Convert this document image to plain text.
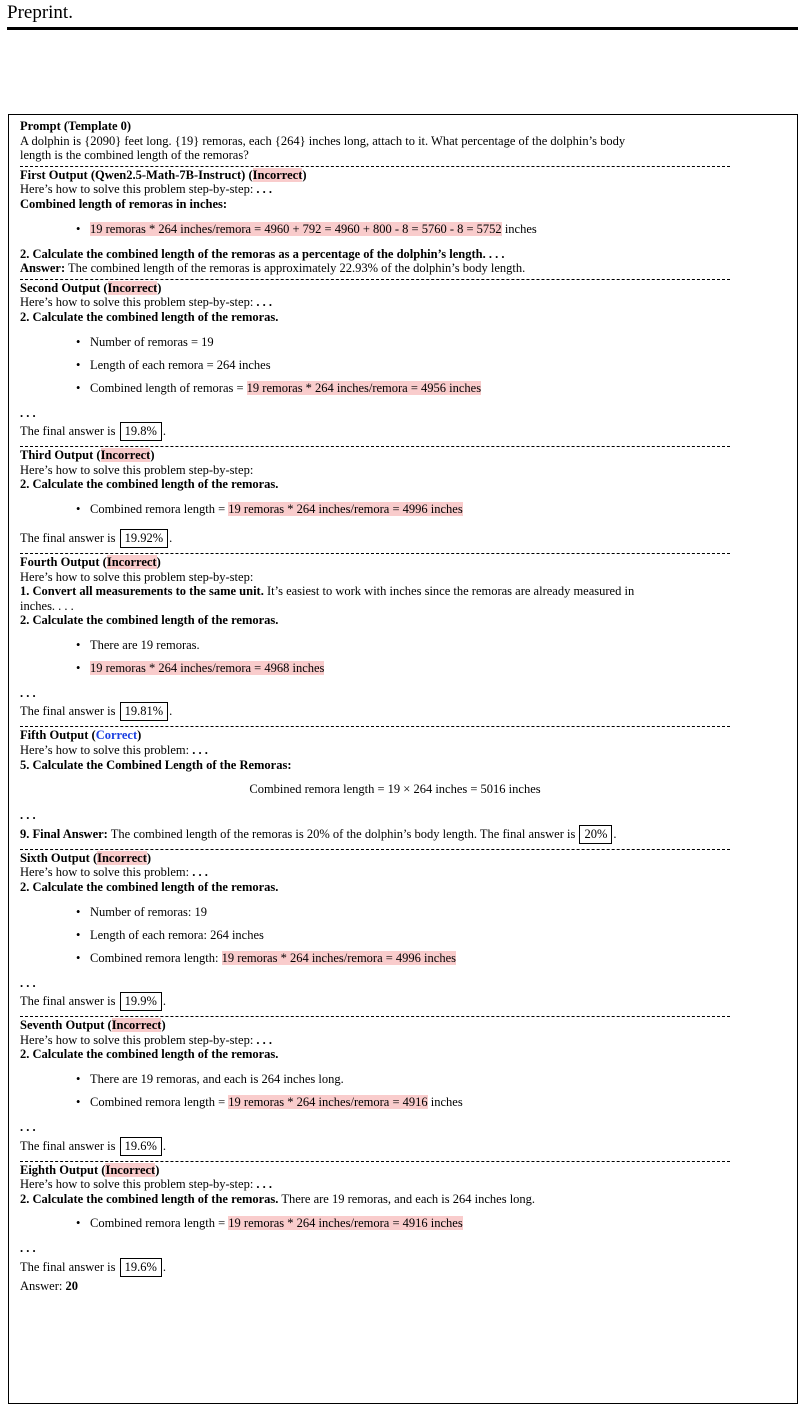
Preprint.
Prompt (Template 0)
A dolphin is {2090} feet long. {19} remoras, each {264} inches long, attach to it. What percentage of the dolphin’s body
length is the combined length of the remoras?
First Output (Qwen2.5-Math-7B-Instruct) (Incorrect)
Here’s how to solve this problem step-by-step: . . .
Combined length of remoras in inches:
• 19 remoras * 264 inches/remora = 4960 + 792 = 4960 + 800 - 8 = 5760 - 8 = 5752 inches
2. Calculate the combined length of the remoras as a percentage of the dolphin’s length. . . .
Answer: The combined length of the remoras is approximately 22.93% of the dolphin’s body length.
Second Output (Incorrect)
Here’s how to solve this problem step-by-step: . . .
2. Calculate the combined length of the remoras.
• Number of remoras = 19
• Length of each remora = 264 inches
• Combined length of remoras = 19 remoras * 264 inches/remora = 4956 inches
. . .
The final answer is 19.8% .
Third Output (Incorrect)
Here’s how to solve this problem step-by-step:
2. Calculate the combined length of the remoras.
• Combined remora length = 19 remoras * 264 inches/remora = 4996 inches
The final answer is 19.92% .
Fourth Output (Incorrect)
Here’s how to solve this problem step-by-step:
1. Convert all measurements to the same unit. It’s easiest to work with inches since the remoras are already measured in
inches. . . .
2. Calculate the combined length of the remoras.
• There are 19 remoras.
• 19 remoras * 264 inches/remora = 4968 inches
. . .
The final answer is 19.81% .
Fifth Output (Correct)
Here’s how to solve this problem: . . .
5. Calculate the Combined Length of the Remoras:
Combined remora length = 19 × 264 inches = 5016 inches
. . .
9. Final Answer: The combined length of the remoras is 20% of the dolphin’s body length. The final answer is 20% .
Sixth Output (Incorrect)
Here’s how to solve this problem: . . .
2. Calculate the combined length of the remoras.
• Number of remoras: 19
• Length of each remora: 264 inches
• Combined remora length: 19 remoras * 264 inches/remora = 4996 inches
. . .
The final answer is 19.9% .
Seventh Output (Incorrect)
Here’s how to solve this problem step-by-step: . . .
2. Calculate the combined length of the remoras.
• There are 19 remoras, and each is 264 inches long.
• Combined remora length = 19 remoras * 264 inches/remora = 4916 inches
. . .
The final answer is 19.6% .
Eighth Output (Incorrect)
Here’s how to solve this problem step-by-step: . . .
2. Calculate the combined length of the remoras. There are 19 remoras, and each is 264 inches long.
• Combined remora length = 19 remoras * 264 inches/remora = 4916 inches
. . .
The final answer is 19.6% .
Answer: 20
